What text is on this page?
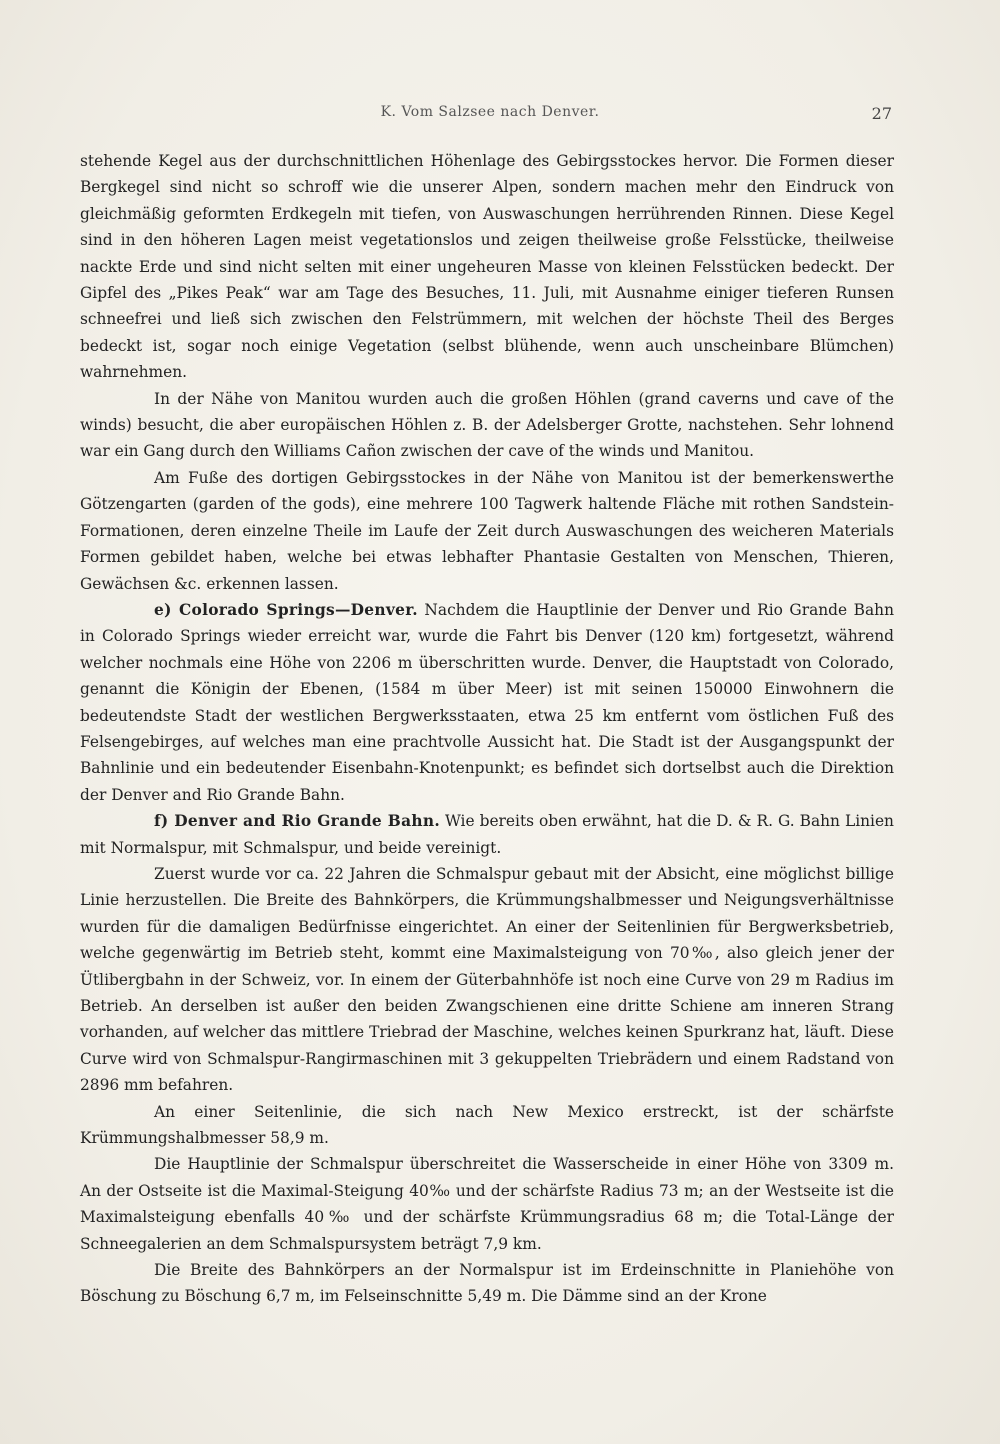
K. Vom Salzsee nach Denver.	27

stehende Kegel aus der durchschnittlichen Höhenlage des Gebirgsstockes hervor. Die Formen dieser Bergkegel sind nicht so schroff wie die unserer Alpen, sondern machen mehr den Eindruck von gleichmäßig geformten Erdkegeln mit tiefen, von Auswaschungen herrührenden Rinnen. Diese Kegel sind in den höheren Lagen meist vegetationslos und zeigen theilweise große Felsstücke, theilweise nackte Erde und sind nicht selten mit einer ungeheuren Masse von kleinen Felsstücken bedeckt. Der Gipfel des „Pikes Peak“ war am Tage des Besuches, 11. Juli, mit Ausnahme einiger tieferen Runsen schneefrei und ließ sich zwischen den Felstrümmern, mit welchen der höchste Theil des Berges bedeckt ist, sogar noch einige Vegetation (selbst blühende, wenn auch unscheinbare Blümchen) wahrnehmen.

In der Nähe von Manitou wurden auch die großen Höhlen (grand caverns und cave of the winds) besucht, die aber europäischen Höhlen z. B. der Adelsberger Grotte, nachstehen. Sehr lohnend war ein Gang durch den Williams Cañon zwischen der cave of the winds und Manitou.

Am Fuße des dortigen Gebirgsstockes in der Nähe von Manitou ist der bemerkenswerthe Götzengarten (garden of the gods), eine mehrere 100 Tagwerk haltende Fläche mit rothen Sandstein-Formationen, deren einzelne Theile im Laufe der Zeit durch Auswaschungen des weicheren Materials Formen gebildet haben, welche bei etwas lebhafter Phantasie Gestalten von Menschen, Thieren, Gewächsen &c. erkennen lassen.

e) Colorado Springs—Denver. Nachdem die Hauptlinie der Denver und Rio Grande Bahn in Colorado Springs wieder erreicht war, wurde die Fahrt bis Denver (120 km) fortgesetzt, während welcher nochmals eine Höhe von 2206 m überschritten wurde. Denver, die Hauptstadt von Colorado, genannt die Königin der Ebenen, (1584 m über Meer) ist mit seinen 150000 Einwohnern die bedeutendste Stadt der westlichen Bergwerksstaaten, etwa 25 km entfernt vom östlichen Fuß des Felsengebirges, auf welches man eine prachtvolle Aussicht hat. Die Stadt ist der Ausgangspunkt der Bahnlinie und ein bedeutender Eisenbahn-Knotenpunkt; es befindet sich dortselbst auch die Direktion der Denver and Rio Grande Bahn.

f) Denver and Rio Grande Bahn. Wie bereits oben erwähnt, hat die D. & R. G. Bahn Linien mit Normalspur, mit Schmalspur, und beide vereinigt.

Zuerst wurde vor ca. 22 Jahren die Schmalspur gebaut mit der Absicht, eine möglichst billige Linie herzustellen. Die Breite des Bahnkörpers, die Krümmungshalbmesser und Neigungsverhältnisse wurden für die damaligen Bedürfnisse eingerichtet. An einer der Seitenlinien für Bergwerksbetrieb, welche gegenwärtig im Betrieb steht, kommt eine Maximalsteigung von 70‰, also gleich jener der Ütlibergbahn in der Schweiz, vor. In einem der Güterbahnhöfe ist noch eine Curve von 29 m Radius im Betrieb. An derselben ist außer den beiden Zwangschienen eine dritte Schiene am inneren Strang vorhanden, auf welcher das mittlere Triebrad der Maschine, welches keinen Spurkranz hat, läuft. Diese Curve wird von Schmalspur-Rangirmaschinen mit 3 gekuppelten Triebrädern und einem Radstand von 2896 mm befahren.

An einer Seitenlinie, die sich nach New Mexico erstreckt, ist der schärfste Krümmungshalbmesser 58,9 m.

Die Hauptlinie der Schmalspur überschreitet die Wasserscheide in einer Höhe von 3309 m. An der Ostseite ist die Maximal-Steigung 40‰ und der schärfste Radius 73 m; an der Westseite ist die Maximalsteigung ebenfalls 40‰ und der schärfste Krümmungsradius 68 m; die Total-Länge der Schneegalerien an dem Schmalspursystem beträgt 7,9 km.

Die Breite des Bahnkörpers an der Normalspur ist im Erdeinschnitte in Planiehöhe von Böschung zu Böschung 6,7 m, im Felseinschnitte 5,49 m. Die Dämme sind an der Krone
